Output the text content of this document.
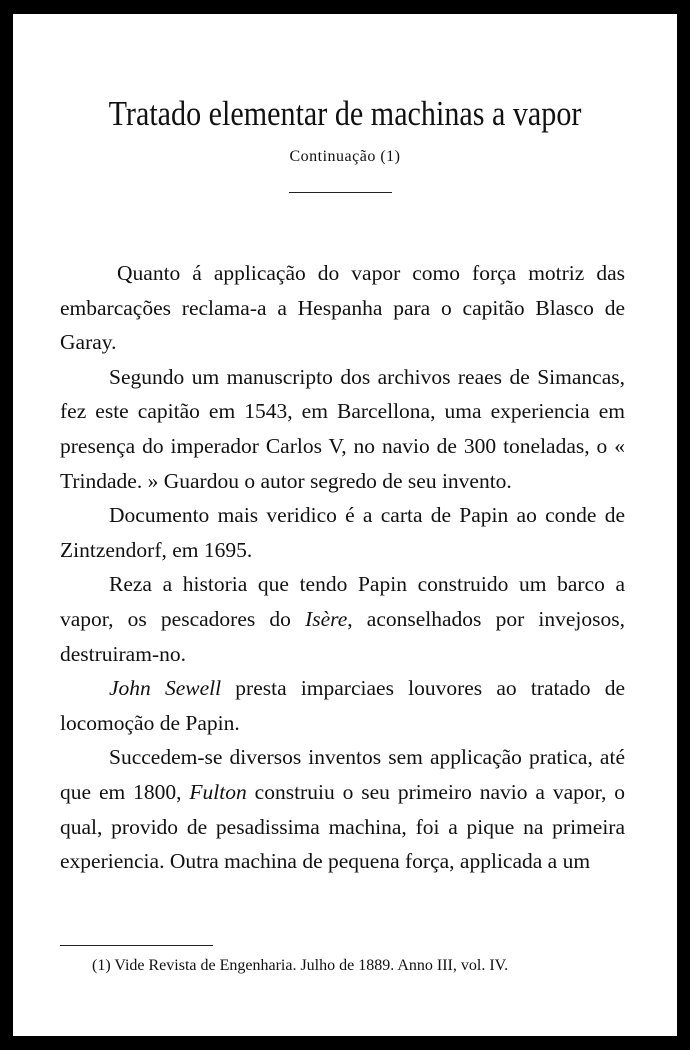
Tratado elementar de machinas a vapor
Continuação (1)

Quanto á applicação do vapor como força motriz das embarcações reclama-a a Hespanha para o capitão Blasco de Garay.

Segundo um manuscripto dos archivos reaes de Simancas, fez este capitão em 1543, em Barcellona, uma experiencia em presença do imperador Carlos V, no navio de 300 toneladas, o « Trindade. » Guardou o autor segredo de seu invento.

Documento mais veridico é a carta de Papin ao conde de Zintzendorf, em 1695.

Reza a historia que tendo Papin construido um barco a vapor, os pescadores do Isère, aconselhados por invejosos, destruiram-no.

John Sewell presta imparciaes louvores ao tratado de locomoção de Papin.

Succedem-se diversos inventos sem applicação pratica, até que em 1800, Fulton construiu o seu primeiro navio a vapor, o qual, provido de pesadissima machina, foi a pique na primeira experiencia. Outra machina de pequena força, applicada a um

(1) Vide Revista de Engenharia. Julho de 1889. Anno III, vol. IV.
